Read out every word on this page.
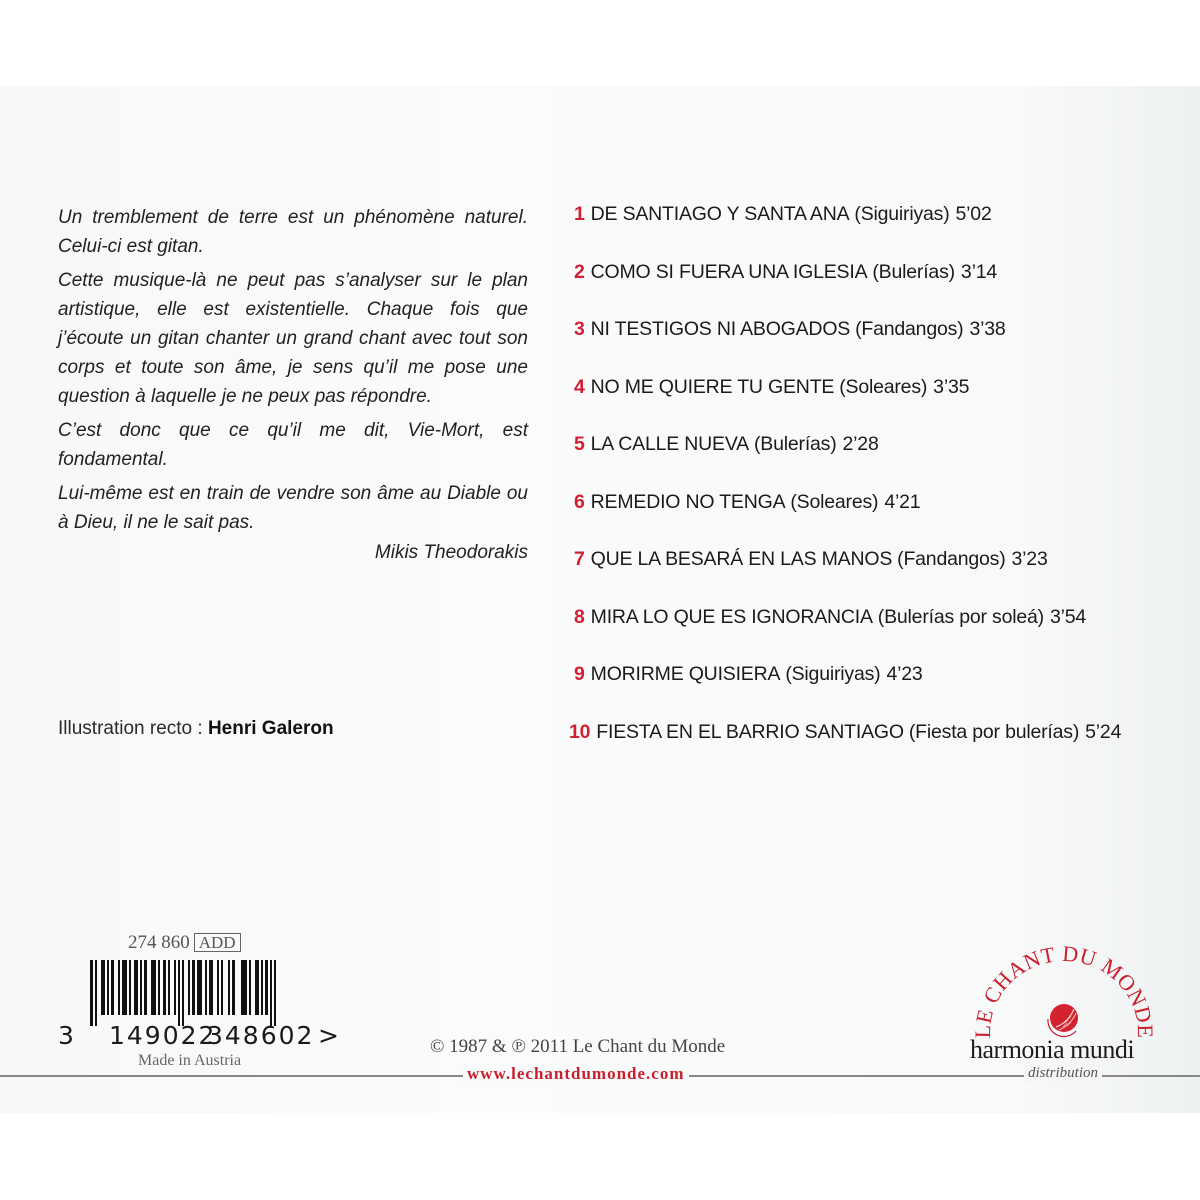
Un tremblement de terre est un phénomène naturel. Celui-ci est gitan.

Cette musique-là ne peut pas s’analyser sur le plan artistique, elle est existentielle. Chaque fois que j’écoute un gitan chanter un grand chant avec tout son corps et toute son âme, je sens qu’il me pose une question à laquelle je ne peux pas répondre.

C’est donc que ce qu’il me dit, Vie-Mort, est fondamental.

Lui-même est en train de vendre son âme au Diable ou à Dieu, il ne le sait pas.

Mikis Theodorakis

Illustration recto : Henri Galeron
1 DE SANTIAGO Y SANTA ANA (Siguiriyas) 5’02
2 COMO SI FUERA UNA IGLESIA (Bulerías) 3’14
3 NI TESTIGOS NI ABOGADOS (Fandangos) 3’38
4 NO ME QUIERE TU GENTE (Soleares) 3’35
5 LA CALLE NUEVA (Bulerías) 2’28
6 REMEDIO NO TENGA (Soleares) 4’21
7 QUE LA BESARÁ EN LAS MANOS (Fandangos) 3’23
8 MIRA LO QUE ES IGNORANCIA (Bulerías por soleá) 3’54
9 MORIRME QUISIERA (Siguiriyas) 4’23
10 FIESTA EN EL BARRIO SANTIAGO (Fiesta por bulerías) 5’24
274 860 ADD
3 149022
348602 >
Made in Austria
© 1987 & ℗ 2011 Le Chant du Monde
www.lechantdumonde.com
LE CHANT DU MONDE
harmonia mundi
distribution
